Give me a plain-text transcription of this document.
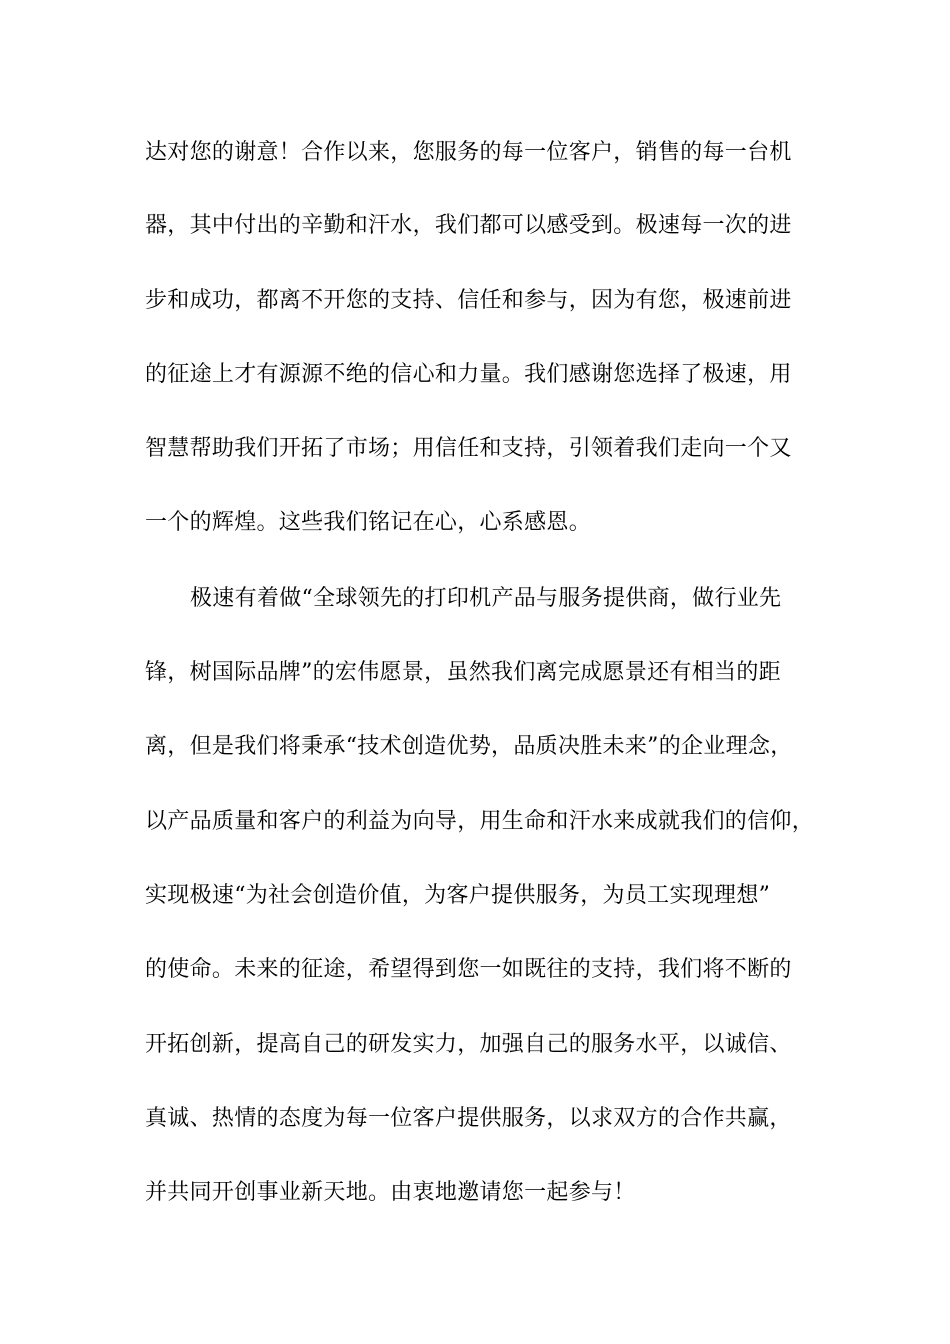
达对您的谢意！合作以来，您服务的每一位客户，销售的每一台机
器，其中付出的辛勤和汗水，我们都可以感受到。极速每一次的进
步和成功，都离不开您的支持、信任和参与，因为有您，极速前进
的征途上才有源源不绝的信心和力量。我们感谢您选择了极速，用
智慧帮助我们开拓了市场；用信任和支持，引领着我们走向一个又
一个的辉煌。这些我们铭记在心，心系感恩。
极速有着做“全球领先的打印机产品与服务提供商，做行业先
锋，树国际品牌”的宏伟愿景，虽然我们离完成愿景还有相当的距
离，但是我们将秉承“技术创造优势，品质决胜未来”的企业理念，
以产品质量和客户的利益为向导，用生命和汗水来成就我们的信仰，
实现极速“为社会创造价值，为客户提供服务，为员工实现理想”
的使命。未来的征途，希望得到您一如既往的支持，我们将不断的
开拓创新，提高自己的研发实力，加强自己的服务水平，以诚信、
真诚、热情的态度为每一位客户提供服务，以求双方的合作共赢，
并共同开创事业新天地。由衷地邀请您一起参与！
